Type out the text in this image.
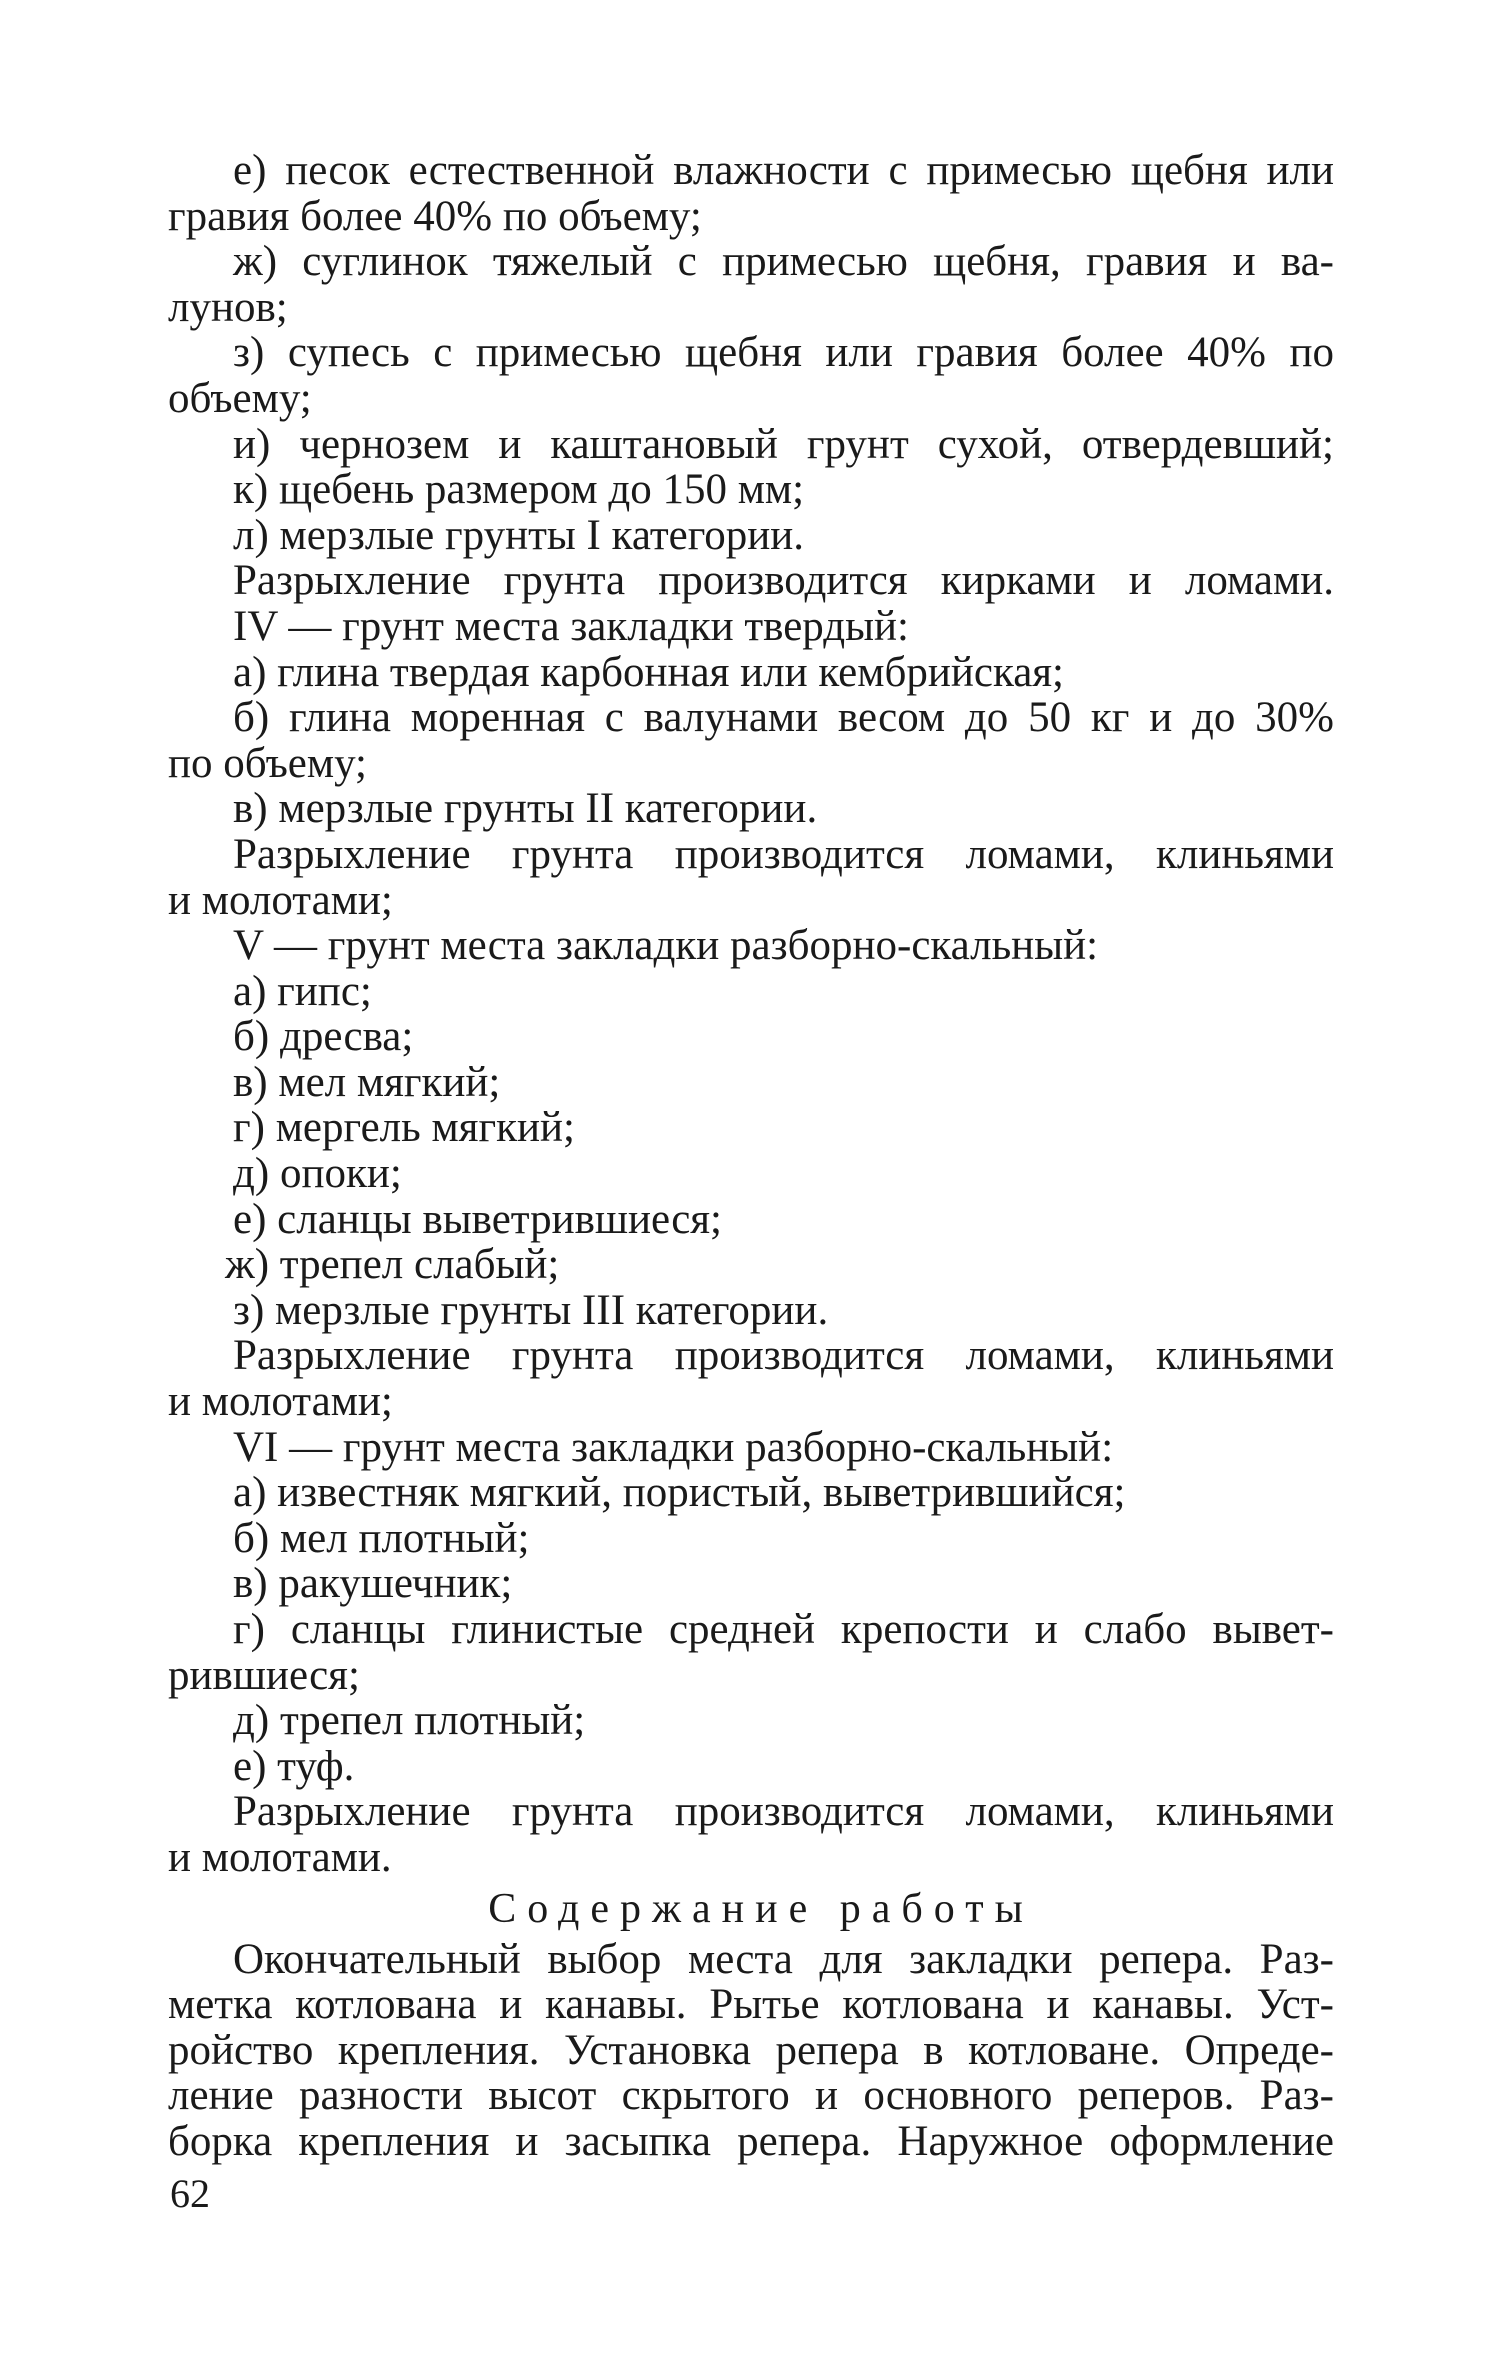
е) песок естественной влажности с примесью щебня или
гравия более 40% по объему;
ж) суглинок тяжелый с примесью щебня, гравия и ва-
лунов;
з) супесь с примесью щебня или гравия более 40% по
объему;
и) чернозем и каштановый грунт сухой, отвердевший;
к) щебень размером до 150 мм;
л) мерзлые грунты I категории.
Разрыхление грунта производится кирками и ломами.
IV — грунт места закладки твердый:
а) глина твердая карбонная или кембрийская;
б) глина моренная с валунами весом до 50 кг и до 30%
по объему;
в) мерзлые грунты II категории.
Разрыхление грунта производится ломами, клиньями
и молотами;
V — грунт места закладки разборно-скальный:
а) гипс;
б) дресва;
в) мел мягкий;
г) мергель мягкий;
д) опоки;
е) сланцы выветрившиеся;
ж) трепел слабый;
з) мерзлые грунты III категории.
Разрыхление грунта производится ломами, клиньями
и молотами;
VI — грунт места закладки разборно-скальный:
а) известняк мягкий, пористый, выветрившийся;
б) мел плотный;
в) ракушечник;
г) сланцы глинистые средней крепости и слабо вывет-
рившиеся;
д) трепел плотный;
е) туф.
Разрыхление грунта производится ломами, клиньями
и молотами.
Содержание работы
Окончательный выбор места для закладки репера. Раз-
метка котлована и канавы. Рытье котлована и канавы. Уст-
ройство крепления. Установка репера в котловане. Опреде-
ление разности высот скрытого и основного реперов. Раз-
борка крепления и засыпка репера. Наружное оформление
62
